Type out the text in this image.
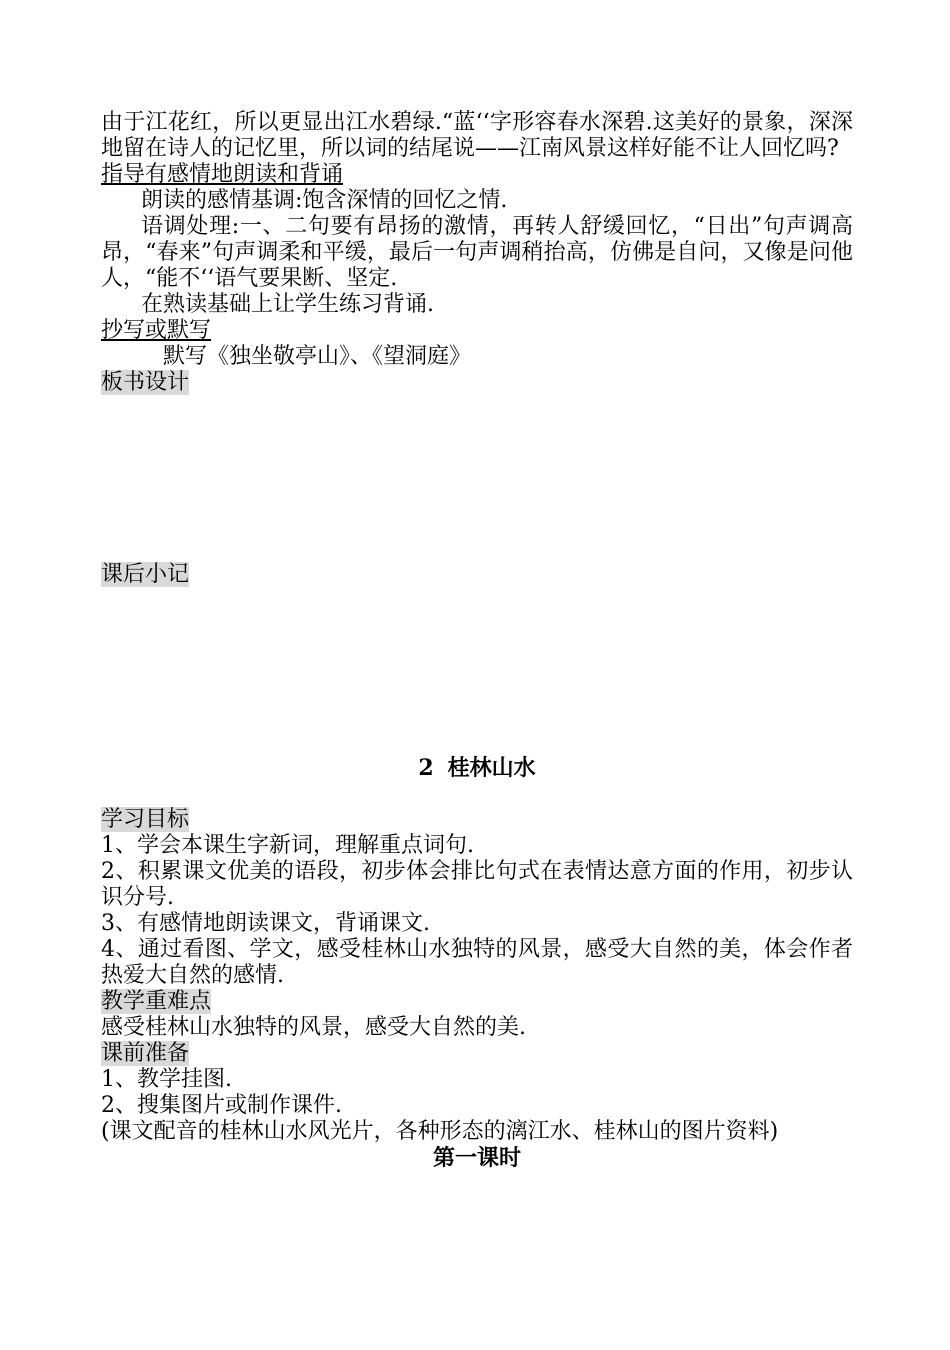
由于江花红，所以更显出江水碧绿.“蓝‘‘字形容春水深碧.这美好的景象，深深地留在诗人的记忆里，所以词的结尾说——江南风景这样好能不让人回忆吗?

指导有感情地朗读和背诵

朗读的感情基调:饱含深情的回忆之情.

语调处理:一、二句要有昂扬的激情，再转人舒缓回忆，“日出”句声调高昂，“春来”句声调柔和平缓，最后一句声调稍抬高，仿佛是自问，又像是问他人，“能不‘‘语气要果断、坚定.

在熟读基础上让学生练习背诵.

抄写或默写

默写《独坐敬亭山》、《望洞庭》

板书设计
课后小记

2 桂林山水

学习目标

1、学会本课生字新词，理解重点词句.

2、积累课文优美的语段，初步体会排比句式在表情达意方面的作用，初步认识分号.

3、有感情地朗读课文，背诵课文.

4、通过看图、学文，感受桂林山水独特的风景，感受大自然的美，体会作者热爱大自然的感情.

教学重难点

感受桂林山水独特的风景，感受大自然的美.

课前准备

1、教学挂图.

2、搜集图片或制作课件.

(课文配音的桂林山水风光片，各种形态的漓江水、桂林山的图片资料)

第一课时
